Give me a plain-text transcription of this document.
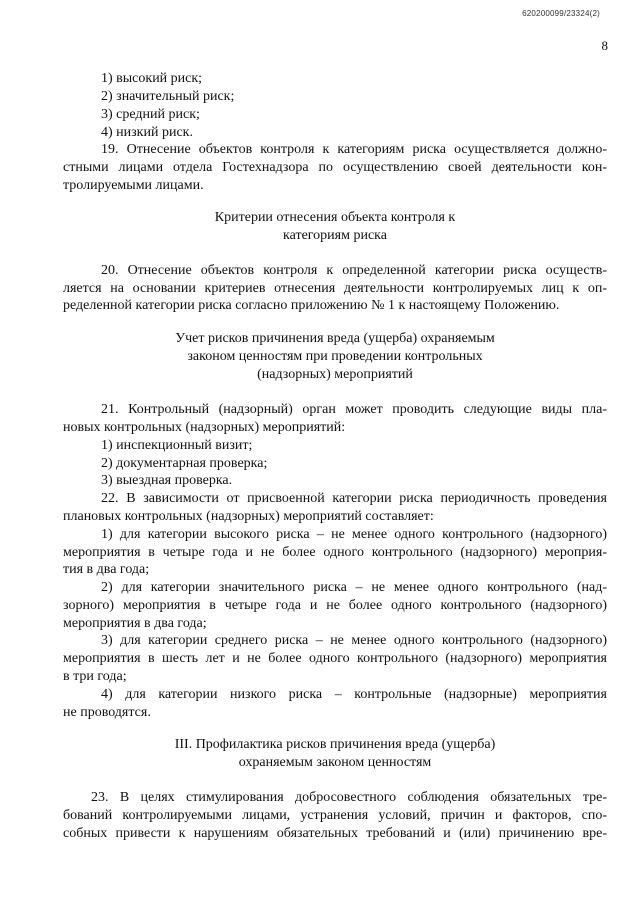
620200099/23324(2)
8
1) высокий риск;
2) значительный риск;
3) средний риск;
4) низкий риск.
19. Отнесение объектов контроля к категориям риска осуществляется должно-
стными лицами отдела Гостехнадзора по осуществлению своей деятельности кон-
тролируемыми лицами.
Критерии отнесения объекта контроля к
категориям риска
20. Отнесение объектов контроля к определенной категории риска осуществ-
ляется на основании критериев отнесения деятельности контролируемых лиц к оп-
ределенной категории риска согласно приложению № 1 к настоящему Положению.
Учет рисков причинения вреда (ущерба) охраняемым
законом ценностям при проведении контрольных
(надзорных) мероприятий
21. Контрольный (надзорный) орган может проводить следующие виды пла-
новых контрольных (надзорных) мероприятий:
1) инспекционный визит;
2) документарная проверка;
3) выездная проверка.
22. В зависимости от присвоенной категории риска периодичность проведения
плановых контрольных (надзорных) мероприятий составляет:
1) для категории высокого риска – не менее одного контрольного (надзорного)
мероприятия в четыре года и не более одного контрольного (надзорного) мероприя-
тия в два года;
2) для категории значительного риска – не менее одного контрольного (над-
зорного) мероприятия в четыре года и не более одного контрольного (надзорного)
мероприятия в два года;
3) для категории среднего риска – не менее одного контрольного (надзорного)
мероприятия в шесть лет и не более одного контрольного (надзорного) мероприятия
в три года;
4) для категории низкого риска – контрольные (надзорные) мероприятия
не проводятся.
III. Профилактика рисков причинения вреда (ущерба)
охраняемым законом ценностям
23. В целях стимулирования добросовестного соблюдения обязательных тре-
бований контролируемыми лицами, устранения условий, причин и факторов, спо-
собных привести к нарушениям обязательных требований и (или) причинению вре-
